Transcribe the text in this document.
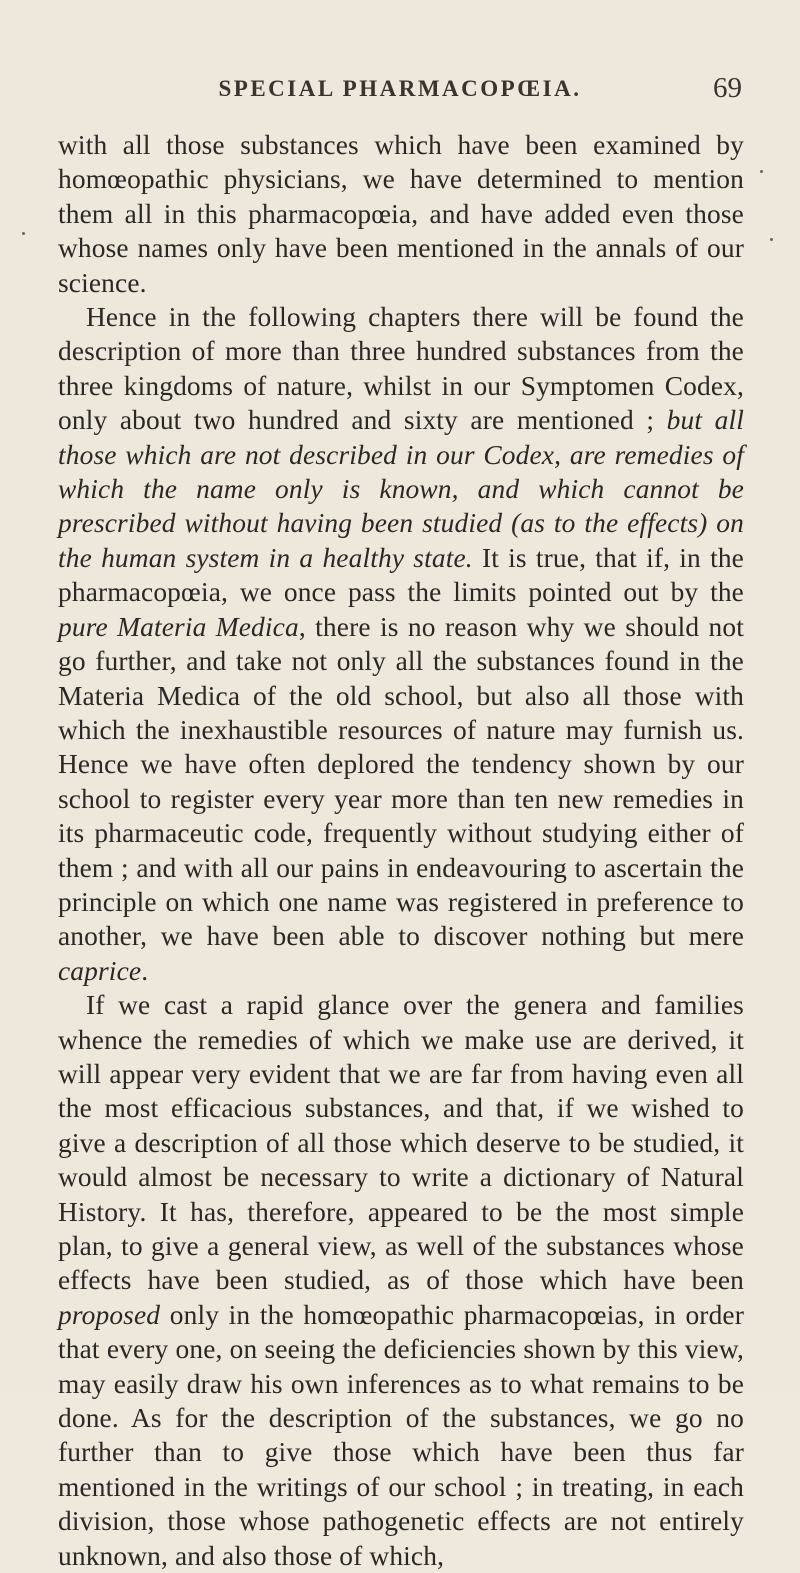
SPECIAL PHARMACOPŒIA.	69

with all those substances which have been examined by homœopathic physicians, we have determined to mention them all in this pharmacopœia, and have added even those whose names only have been mentioned in the annals of our science.

Hence in the following chapters there will be found the description of more than three hundred substances from the three kingdoms of nature, whilst in our Symptomen Codex, only about two hundred and sixty are mentioned ; but all those which are not described in our Codex, are remedies of which the name only is known, and which cannot be prescribed without having been studied (as to the effects) on the human system in a healthy state. It is true, that if, in the pharmacopœia, we once pass the limits pointed out by the pure Materia Medica, there is no reason why we should not go further, and take not only all the substances found in the Materia Medica of the old school, but also all those with which the inexhaustible resources of nature may furnish us. Hence we have often deplored the tendency shown by our school to register every year more than ten new remedies in its pharmaceutic code, frequently without studying either of them ; and with all our pains in endeavouring to ascertain the principle on which one name was registered in preference to another, we have been able to discover nothing but mere caprice.

If we cast a rapid glance over the genera and families whence the remedies of which we make use are derived, it will appear very evident that we are far from having even all the most efficacious substances, and that, if we wished to give a description of all those which deserve to be studied, it would almost be necessary to write a dictionary of Natural History. It has, therefore, appeared to be the most simple plan, to give a general view, as well of the substances whose effects have been studied, as of those which have been proposed only in the homœopathic pharmacopœias, in order that every one, on seeing the deficiencies shown by this view, may easily draw his own inferences as to what remains to be done. As for the description of the substances, we go no further than to give those which have been thus far mentioned in the writings of our school ; in treating, in each division, those whose pathogenetic effects are not entirely unknown, and also those of which,
